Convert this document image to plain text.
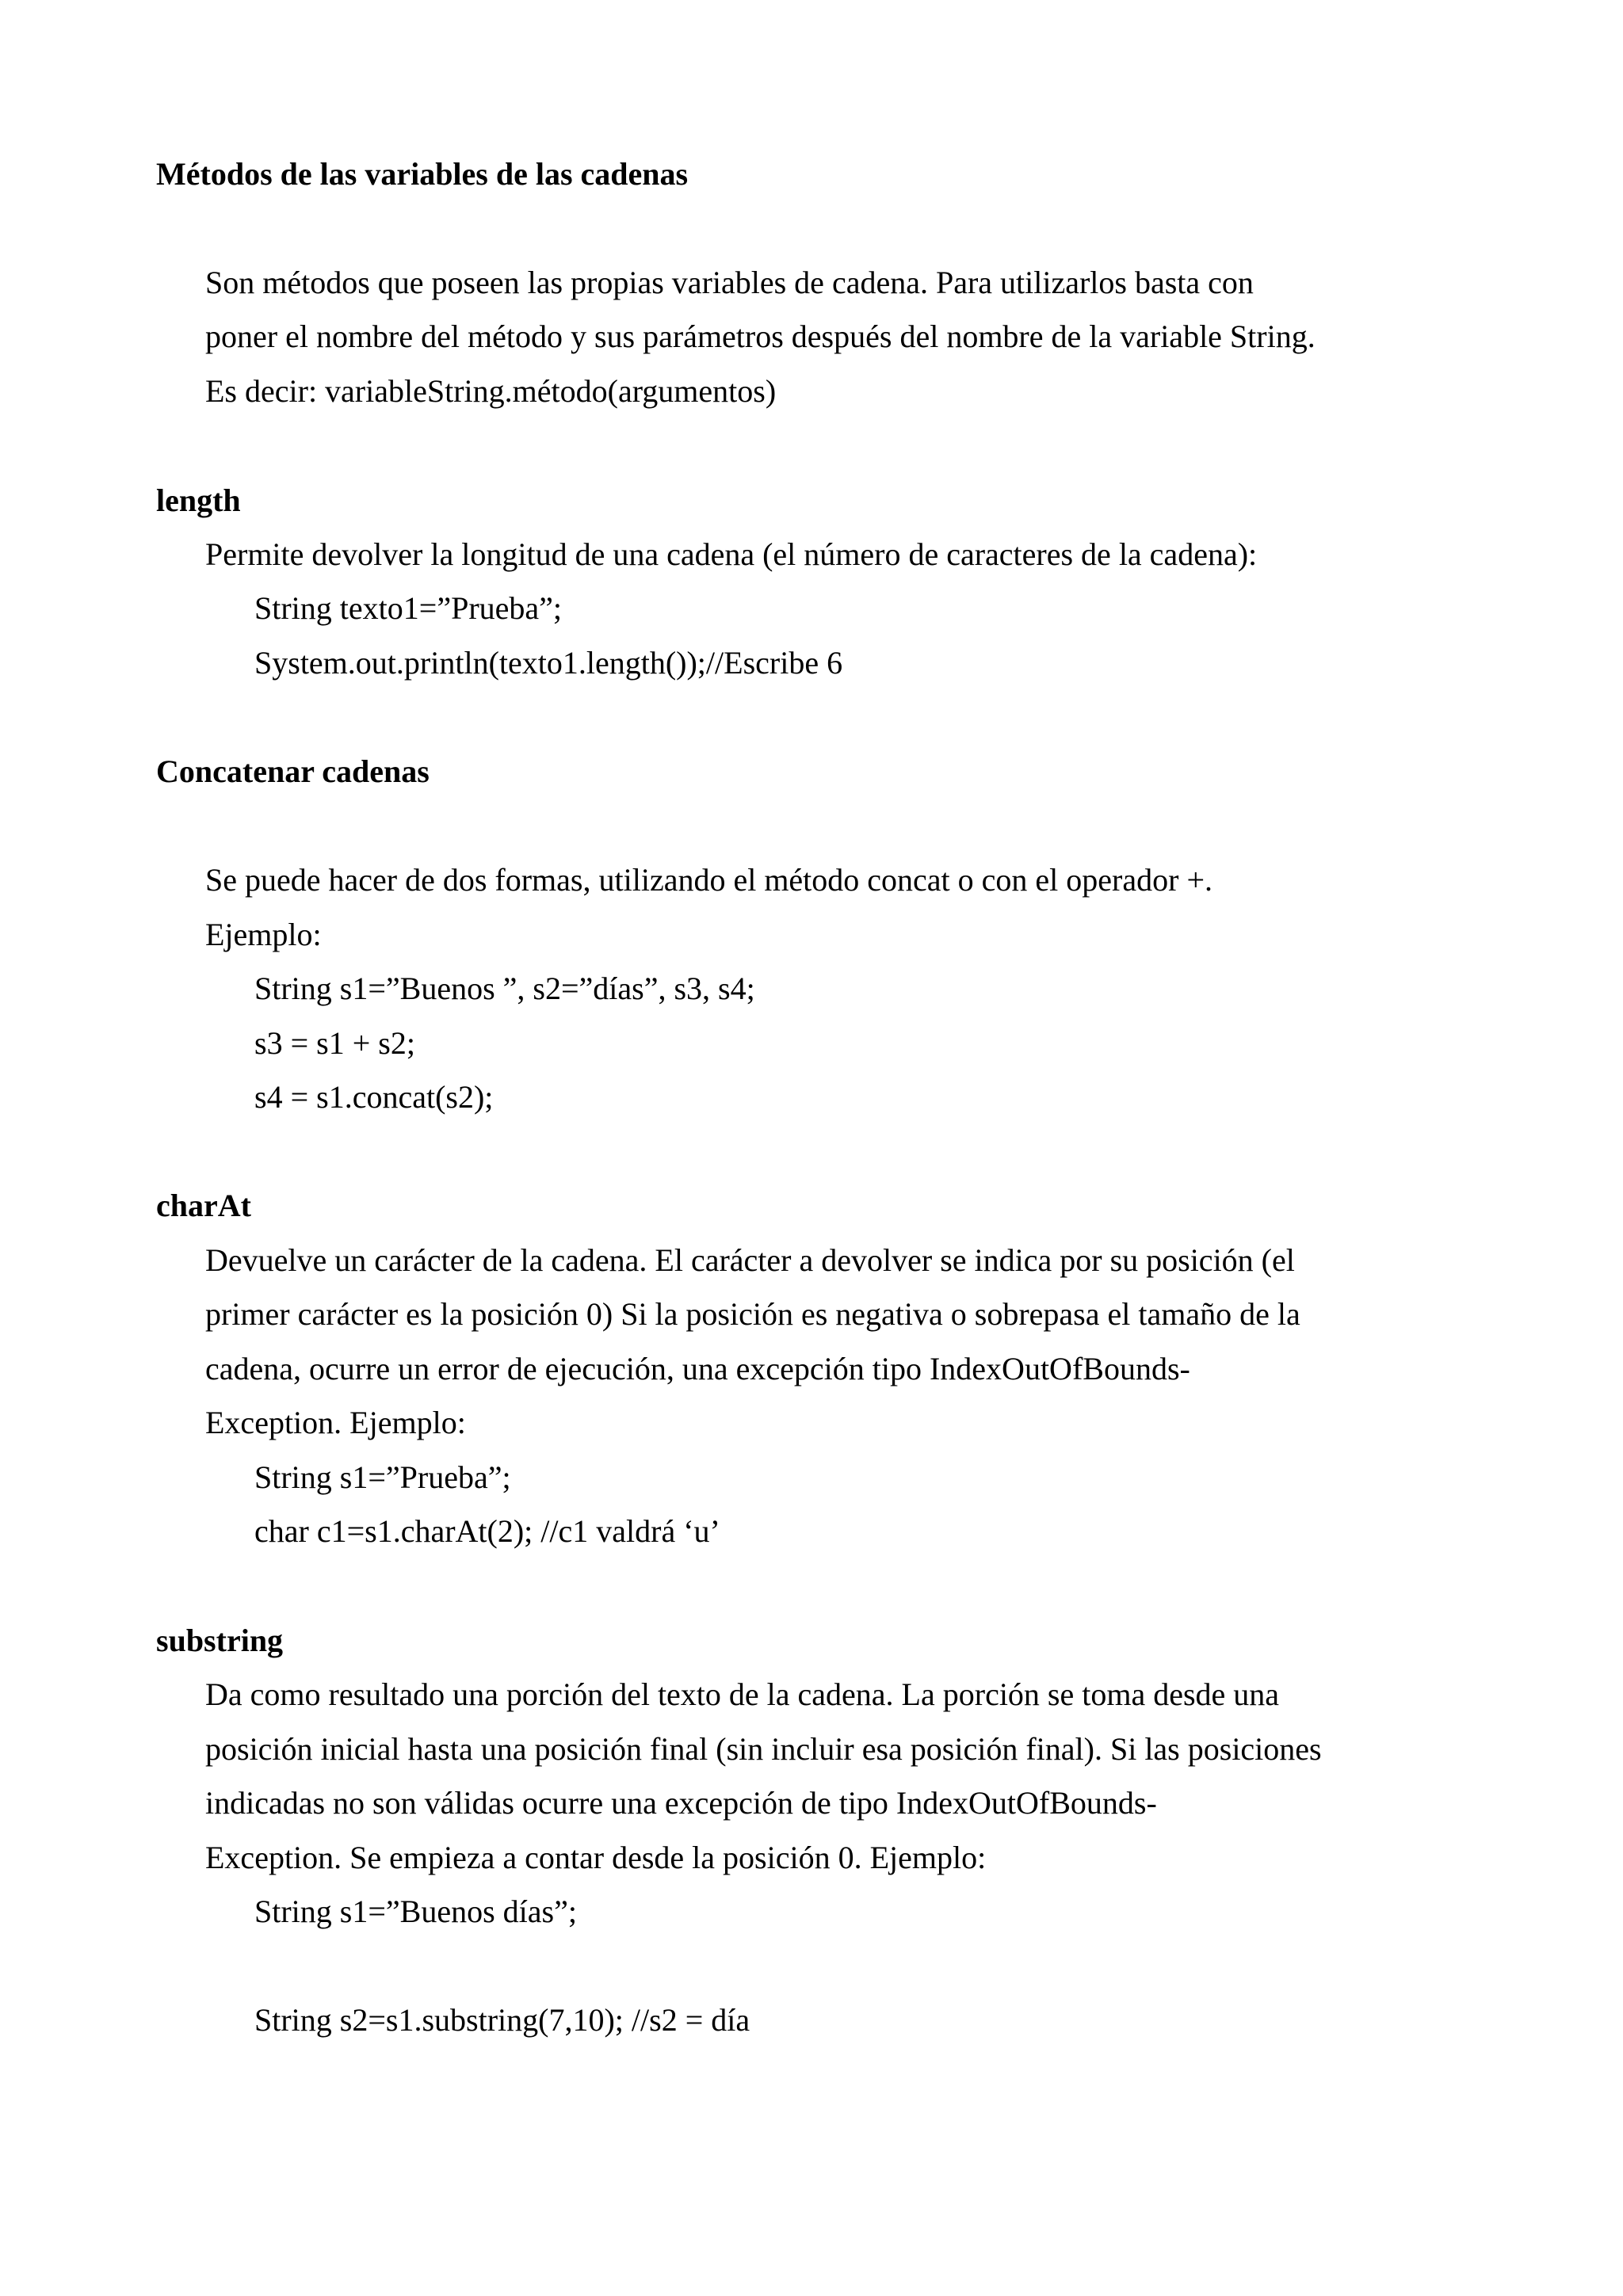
Métodos de las variables de las cadenas
Son métodos que poseen las propias variables de cadena. Para utilizarlos basta con
poner el nombre del método y sus parámetros después del nombre de la variable String.
Es decir: variableString.método(argumentos)
length
Permite devolver la longitud de una cadena (el número de caracteres de la cadena):
String texto1=”Prueba”;
System.out.println(texto1.length());//Escribe 6
Concatenar cadenas
Se puede hacer de dos formas, utilizando el método concat o con el operador +.
Ejemplo:
String s1=”Buenos ”, s2=”días”, s3, s4;
s3 = s1 + s2;
s4 = s1.concat(s2);
charAt
Devuelve un carácter de la cadena. El carácter a devolver se indica por su posición (el
primer carácter es la posición 0) Si la posición es negativa o sobrepasa el tamaño de la
cadena, ocurre un error de ejecución, una excepción tipo IndexOutOfBounds-
Exception. Ejemplo:
String s1=”Prueba”;
char c1=s1.charAt(2); //c1 valdrá ‘u’
substring
Da como resultado una porción del texto de la cadena. La porción se toma desde una
posición inicial hasta una posición final (sin incluir esa posición final). Si las posiciones
indicadas no son válidas ocurre una excepción de tipo IndexOutOfBounds-
Exception. Se empieza a contar desde la posición 0. Ejemplo:
String s1=”Buenos días”;
String s2=s1.substring(7,10); //s2 = día
